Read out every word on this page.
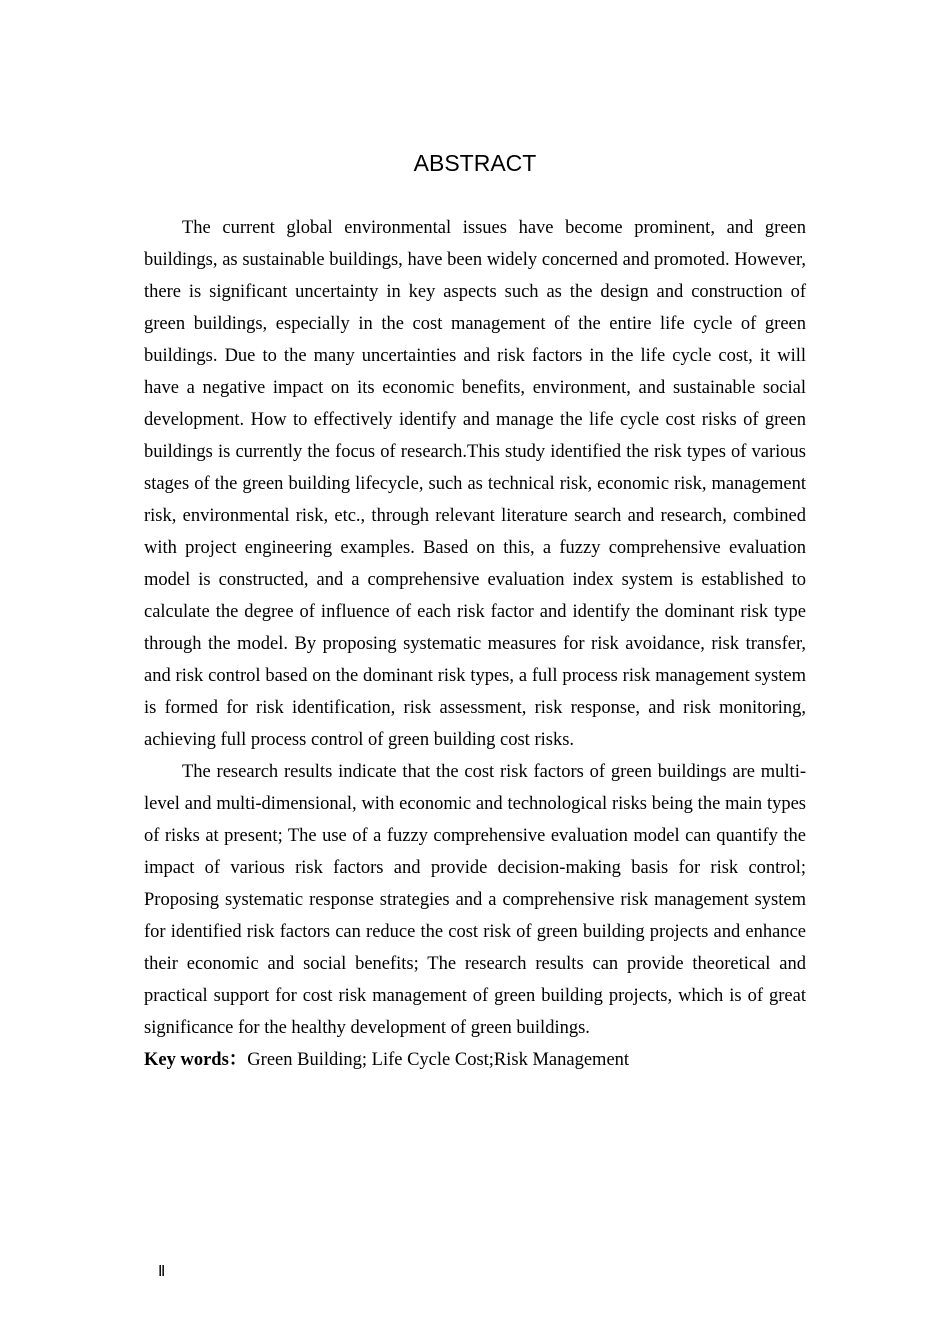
ABSTRACT

The current global environmental issues have become prominent, and green buildings, as sustainable buildings, have been widely concerned and promoted. However, there is significant uncertainty in key aspects such as the design and construction of green buildings, especially in the cost management of the entire life cycle of green buildings. Due to the many uncertainties and risk factors in the life cycle cost, it will have a negative impact on its economic benefits, environment, and sustainable social development. How to effectively identify and manage the life cycle cost risks of green buildings is currently the focus of research.This study identified the risk types of various stages of the green building lifecycle, such as technical risk, economic risk, management risk, environmental risk, etc., through relevant literature search and research, combined with project engineering examples. Based on this, a fuzzy comprehensive evaluation model is constructed, and a comprehensive evaluation index system is established to calculate the degree of influence of each risk factor and identify the dominant risk type through the model. By proposing systematic measures for risk avoidance, risk transfer, and risk control based on the dominant risk types, a full process risk management system is formed for risk identification, risk assessment, risk response, and risk monitoring, achieving full process control of green building cost risks.

The research results indicate that the cost risk factors of green buildings are multi-level and multi-dimensional, with economic and technological risks being the main types of risks at present; The use of a fuzzy comprehensive evaluation model can quantify the impact of various risk factors and provide decision-making basis for risk control; Proposing systematic response strategies and a comprehensive risk management system for identified risk factors can reduce the cost risk of green building projects and enhance their economic and social benefits; The research results can provide theoretical and practical support for cost risk management of green building projects, which is of great significance for the healthy development of green buildings.

Key words：Green Building; Life Cycle Cost;Risk Management

Ⅱ
